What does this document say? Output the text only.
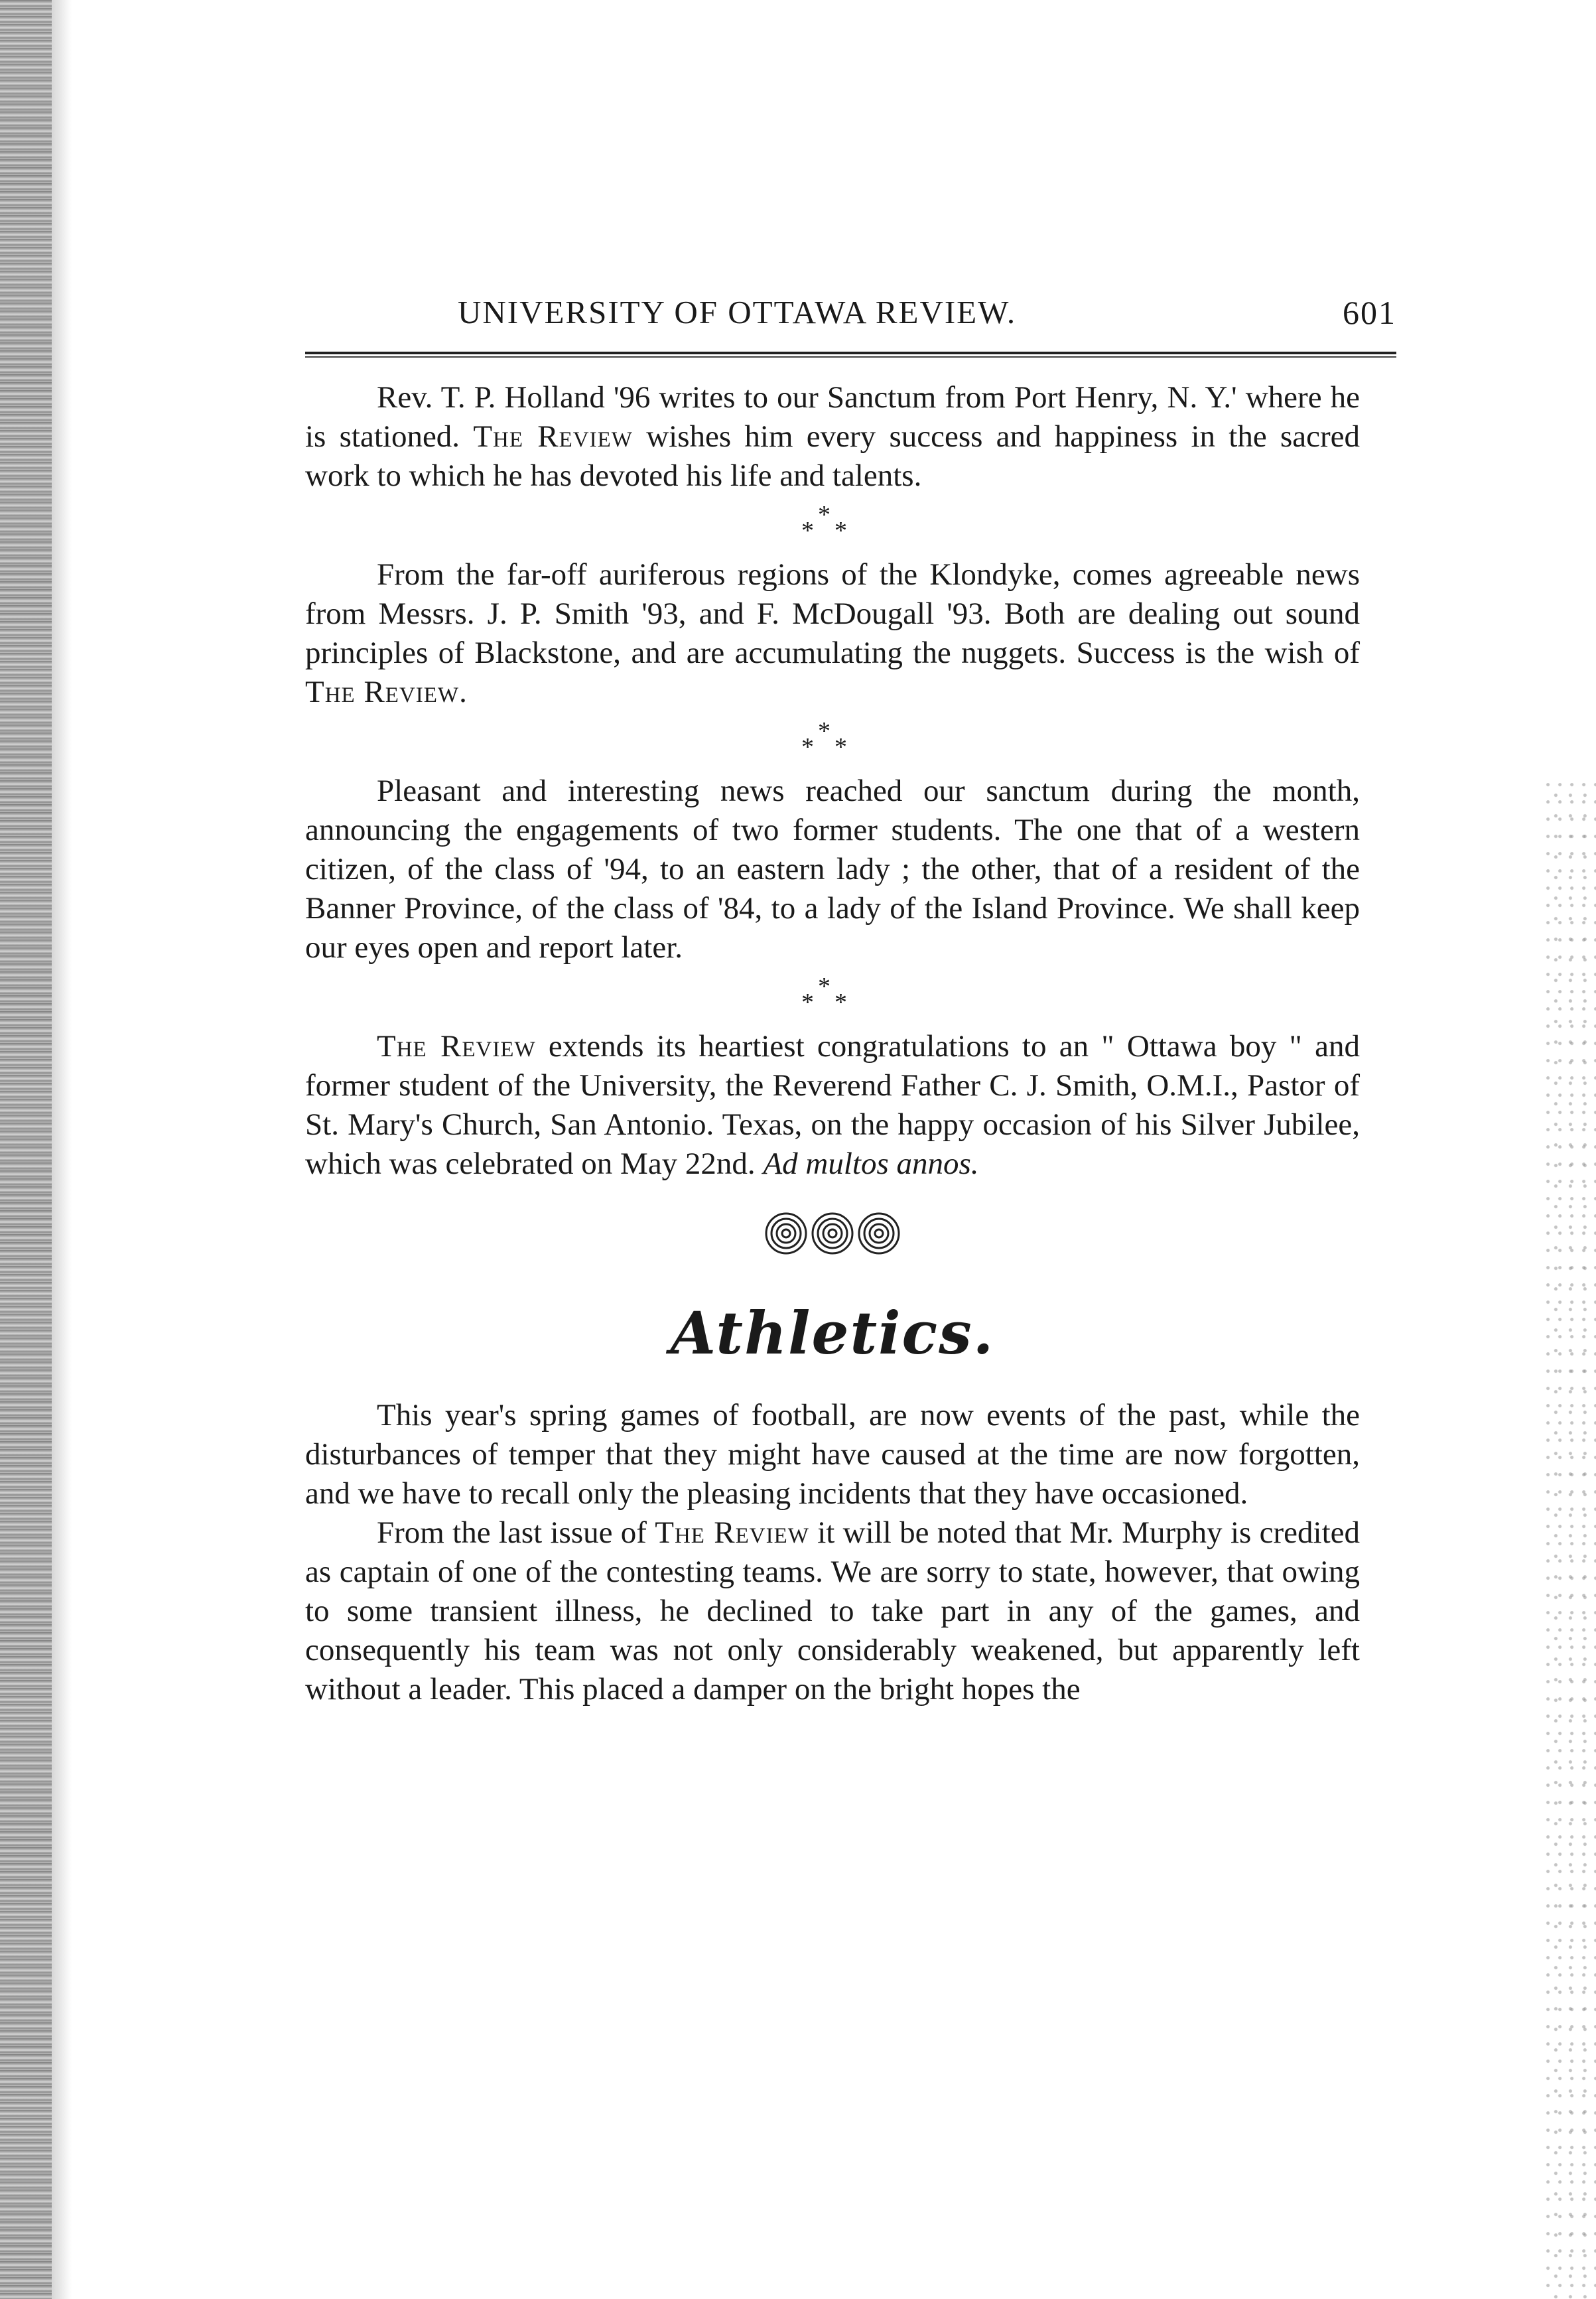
UNIVERSITY OF OTTAWA REVIEW.	601

Rev. T. P. Holland '96 writes to our Sanctum from Port Henry, N. Y.' where he is stationed. The Review wishes him every success and happiness in the sacred work to which he has devoted his life and talents.

*
* *

From the far-off auriferous regions of the Klondyke, comes agreeable news from Messrs. J. P. Smith '93, and F. McDougall '93. Both are dealing out sound principles of Blackstone, and are accumulating the nuggets. Success is the wish of The Review.

*
* *

Pleasant and interesting news reached our sanctum during the month, announcing the engagements of two former students. The one that of a western citizen, of the class of '94, to an eastern lady ; the other, that of a resident of the Banner Province, of the class of '84, to a lady of the Island Province. We shall keep our eyes open and report later.

*
* *

The Review extends its heartiest congratulations to an " Ottawa boy " and former student of the University, the Reverend Father C. J. Smith, O.M.I., Pastor of St. Mary's Church, San Antonio. Texas, on the happy occasion of his Silver Jubilee, which was celebrated on May 22nd. Ad multos annos.

Athletics.

This year's spring games of football, are now events of the past, while the disturbances of temper that they might have caused at the time are now forgotten, and we have to recall only the pleasing incidents that they have occasioned.

From the last issue of The Review it will be noted that Mr. Murphy is credited as captain of one of the contesting teams. We are sorry to state, however, that owing to some transient illness, he declined to take part in any of the games, and consequently his team was not only considerably weakened, but apparently left without a leader. This placed a damper on the bright hopes the
